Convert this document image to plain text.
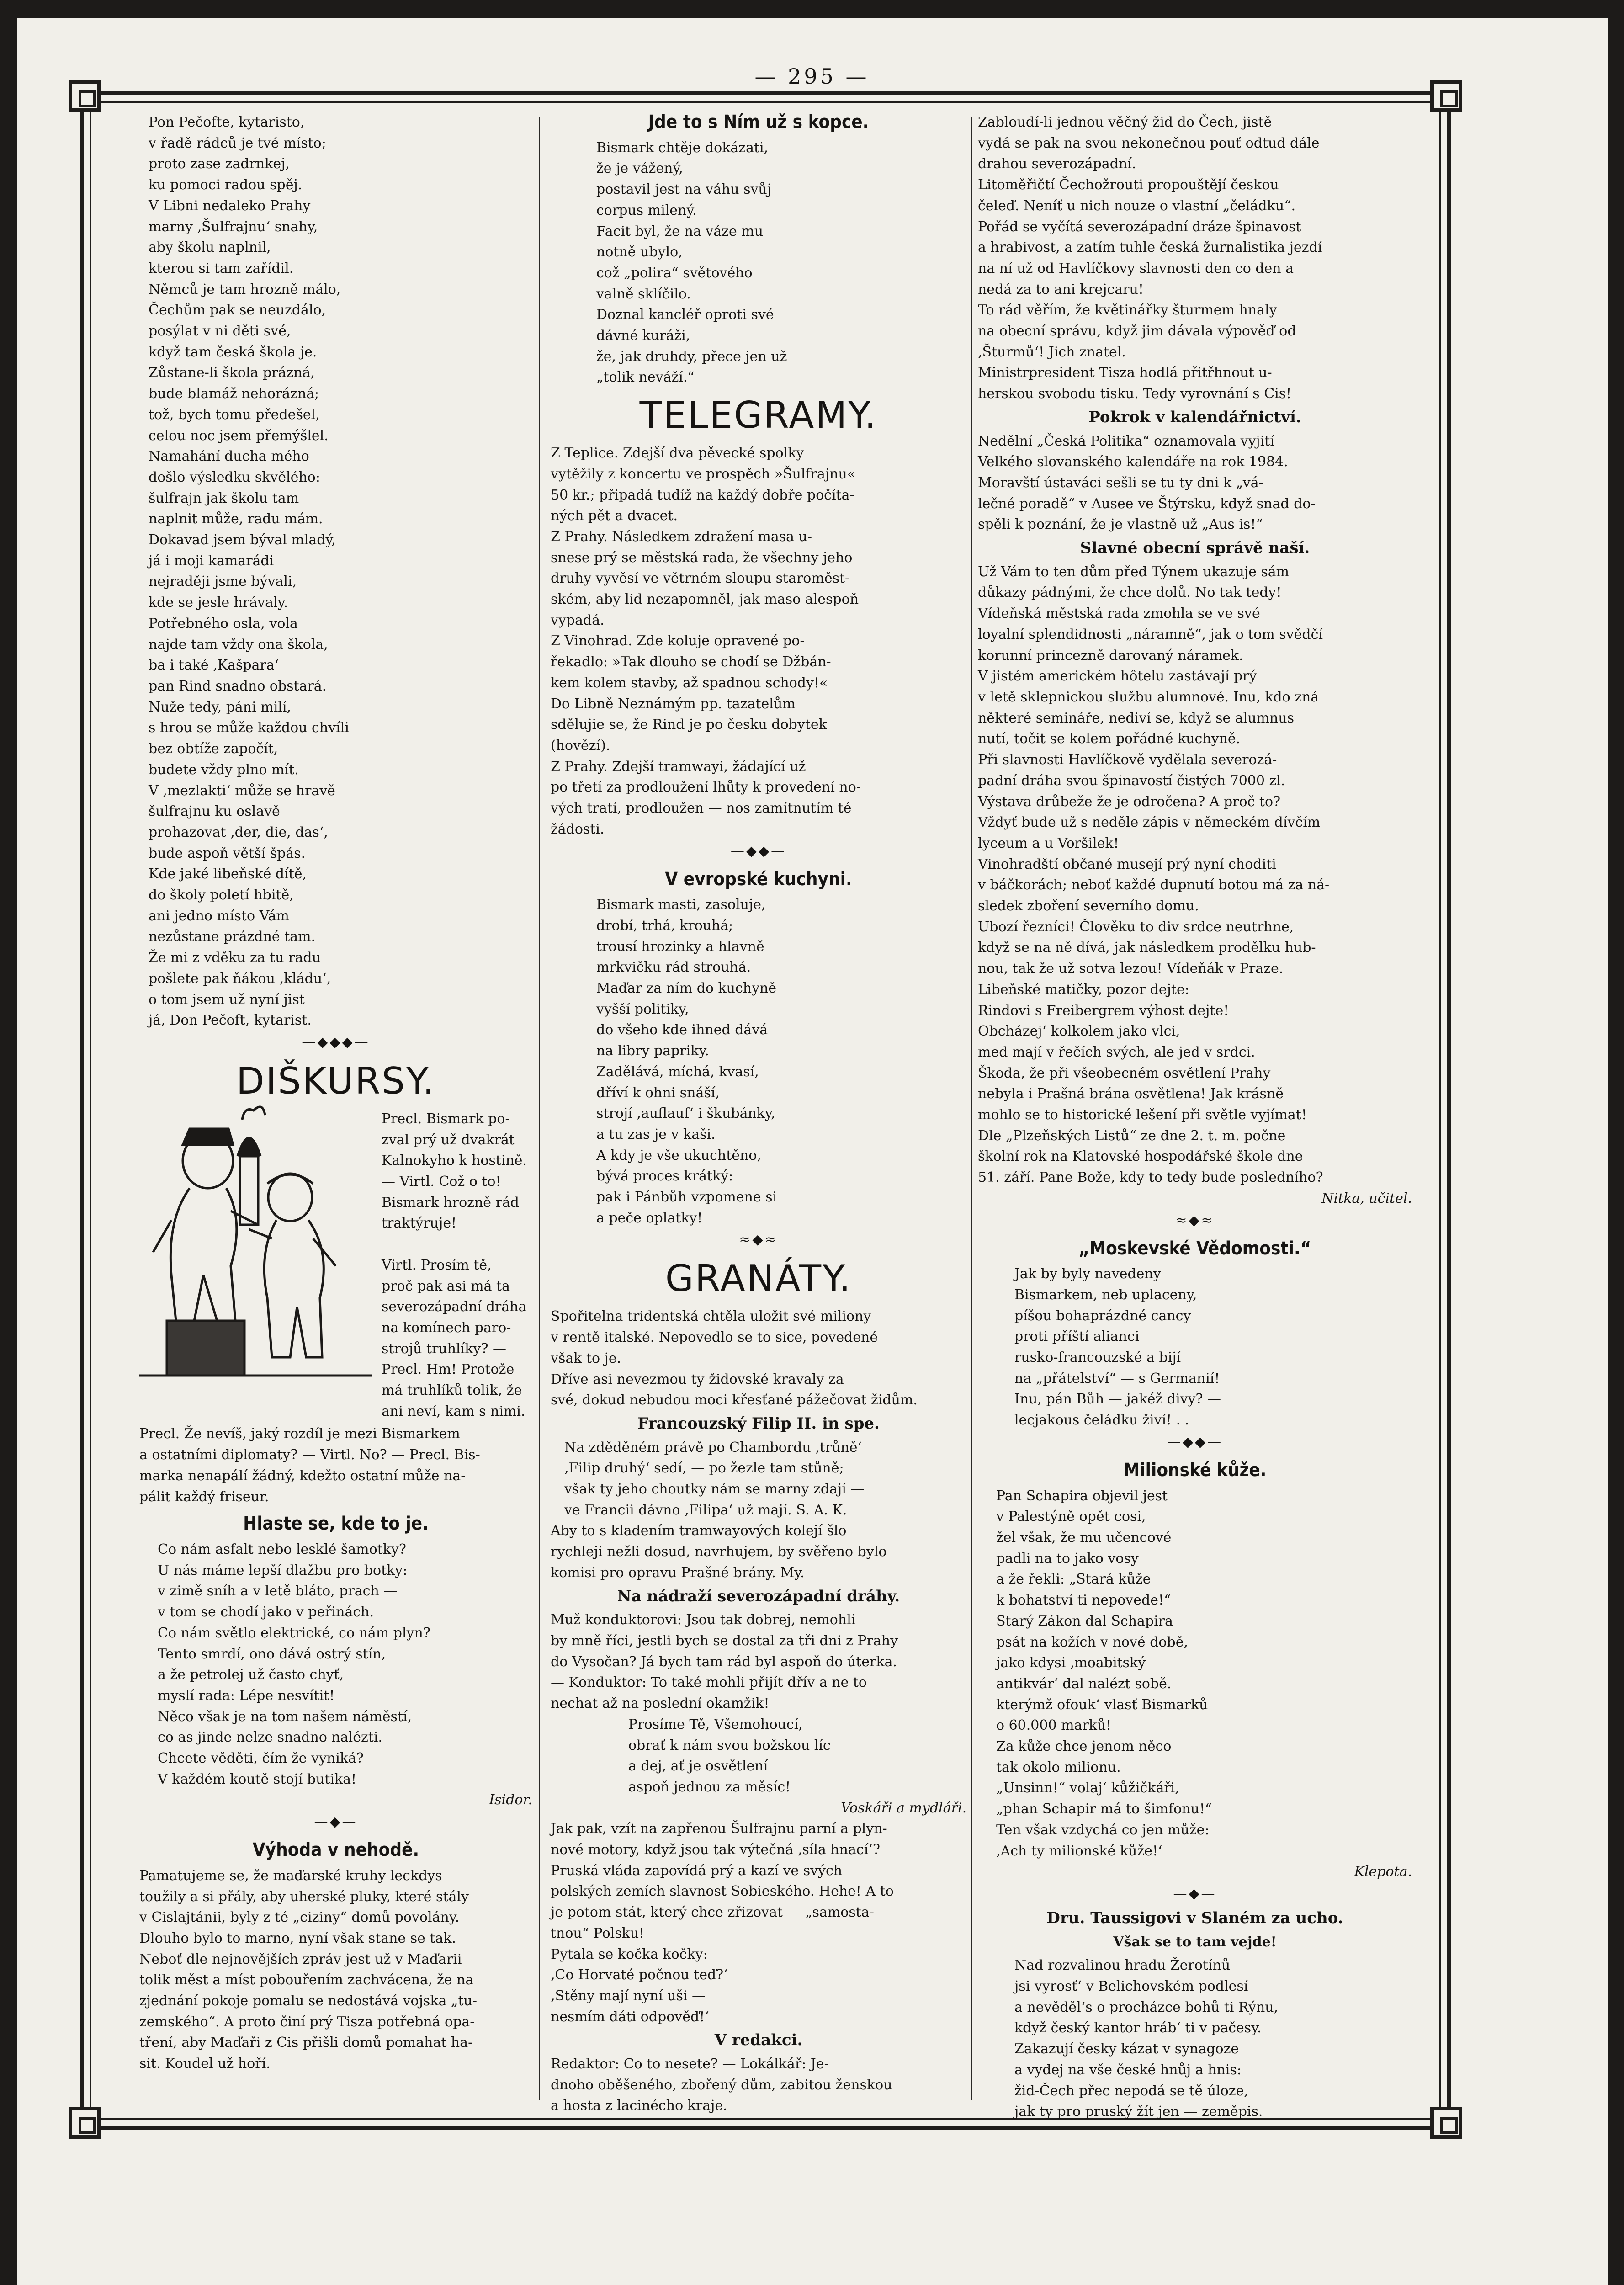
— 295 —

Pon Pečofte, kytaristo,

v řadě rádců je tvé místo;

proto zase zadrnkej,

ku pomoci radou spěj.

V Libni nedaleko Prahy

marny ‚Šulfrajnu‘ snahy,

aby školu naplnil,

kterou si tam zařídil.

Němců je tam hrozně málo,

Čechům pak se neuzdálo,

posýlat v ni děti své,

když tam česká škola je.

Zůstane-li škola prázná,

bude blamáž nehorázná;

tož, bych tomu předešel,

celou noc jsem přemýšlel.

Namahání ducha mého

došlo výsledku skvělého:

šulfrajn jak školu tam

naplnit může, radu mám.

Dokavad jsem býval mladý,

já i moji kamarádi

nejraději jsme bývali,

kde se jesle hrávaly.

Potřebného osla, vola

najde tam vždy ona škola,

ba i také ‚Kašpara‘

pan Rind snadno obstará.

Nuže tedy, páni milí,

s hrou se může každou chvíli

bez obtíže započít,

budete vždy plno mít.

V ‚mezlakti‘ může se hravě

šulfrajnu ku oslavě

prohazovat ‚der, die, das‘,

bude aspoň větší špás.

Kde jaké libeňské dítě,

do školy poletí hbitě,

ani jedno místo Vám

nezůstane prázdné tam.

Že mi z vděku za tu radu

pošlete pak ňákou ‚kládu‘,

o tom jsem už nyní jist

já, Don Pečoft, kytarist.

—◆◆◆—
DIŠKURSY.

Precl. Bismark po-

zval prý už dvakrát

Kalnokyho k hostině.

— Virtl. Což o to!

Bismark hrozně rád

traktýruje!

Virtl. Prosím tě,

proč pak asi má ta

severozápadní dráha

na komínech paro-

strojů truhlíky? —

Precl. Hm! Protože

má truhlíků tolik, že

ani neví, kam s nimi.

Precl. Že nevíš, jaký rozdíl je mezi Bismarkem

a ostatními diplomaty? — Virtl. No? — Precl. Bis-

marka nenapálí žádný, kdežto ostatní může na-

pálit každý friseur.

Hlaste se, kde to je.

Co nám asfalt nebo lesklé šamotky?

U nás máme lepší dlažbu pro botky:

v zimě sníh a v letě bláto, prach —

v tom se chodí jako v peřinách.

Co nám světlo elektrické, co nám plyn?

Tento smrdí, ono dává ostrý stín,

a že petrolej už často chyť,

myslí rada: Lépe nesvítit!

Něco však je na tom našem náměstí,

co as jinde nelze snadno nalézti.

Chcete věděti, čím že vyniká?

V každém koutě stojí butika!

Isidor.
—◆—
Výhoda v nehodě.

Pamatujeme se, že maďarské kruhy leckdys

toužily a si přály, aby uherské pluky, které stály

v Cislajtánii, byly z té „ciziny“ domů povolány.

Dlouho bylo to marno, nyní však stane se tak.

Neboť dle nejnovějších zpráv jest už v Maďarii

tolik měst a míst pobouřením zachvácena, že na

zjednání pokoje pomalu se nedostává vojska „tu-

zemského“. A proto činí prý Tisza potřebná opa-

tření, aby Maďaři z Cis přišli domů pomahat ha-

sit. Koudel už hoří.

Jde to s Ním už s kopce.

Bismark chtěje dokázati,

že je vážený,

postavil jest na váhu svůj

corpus milený.

Facit byl, že na váze mu

notně ubylo,

což „polira“ světového

valně sklíčilo.

Doznal kancléř oproti své

dávné kuráži,

že, jak druhdy, přece jen už

„tolik neváží.“

TELEGRAMY.

Z Teplice. Zdejší dva pěvecké spolky

vytěžily z koncertu ve prospěch »Šulfrajnu«

50 kr.; připadá tudíž na každý dobře počíta-

ných pět a dvacet.

Z Prahy. Následkem zdražení masa u-

snese prý se městská rada, že všechny jeho

druhy vyvěsí ve větrném sloupu staroměst-

ském, aby lid nezapomněl, jak maso alespoň

vypadá.

Z Vinohrad. Zde koluje opravené po-

řekadlo: »Tak dlouho se chodí se Džbán-

kem kolem stavby, až spadnou schody!«

Do Libně Neznámým pp. tazatelům

sdělujie se, že Rind je po česku dobytek

(hovězí).

Z Prahy. Zdejší tramwayi, žádající už

po třetí za prodloužení lhůty k provedení no-

vých tratí, prodloužen — nos zamítnutím té

žádosti.

—◆◆—
V evropské kuchyni.

Bismark masti, zasoluje,

drobí, trhá, krouhá;

trousí hrozinky a hlavně

mrkvičku rád strouhá.

Maďar za ním do kuchyně

vyšší politiky,

do všeho kde ihned dává

na libry papriky.

Zadělává, míchá, kvasí,

dříví k ohni snáší,

strojí ‚auflauf‘ i škubánky,

a tu zas je v kaši.

A kdy je vše ukuchtěno,

bývá proces krátký:

pak i Pánbůh vzpomene si

a peče oplatky!

≈◆≈
GRANÁTY.

Spořitelna tridentská chtěla uložit své miliony

v rentě italské. Nepovedlo se to sice, povedené

však to je.

Dříve asi nevezmou ty židovské kravaly za

své, dokud nebudou moci křesťané pážečovat židům.

Francouzský Filip II. in spe.

Na zděděném právě po Chambordu ‚trůně‘

‚Filip druhý‘ sedí, — po žezle tam stůně;

však ty jeho choutky nám se marny zdají —

ve Francii dávno ‚Filipa‘ už mají. S. A. K.

Aby to s kladením tramwayových kolejí šlo

rychleji nežli dosud, navrhujem, by svěřeno bylo

komisi pro opravu Prašné brány. My.

Na nádraží severozápadní dráhy.

Muž konduktorovi: Jsou tak dobrej, nemohli

by mně říci, jestli bych se dostal za tři dni z Prahy

do Vysočan? Já bych tam rád byl aspoň do úterka.

— Konduktor: To také mohli přijít dřív a ne to

nechat až na poslední okamžik!

Prosíme Tě, Všemohoucí,

obrať k nám svou božskou líc

a dej, ať je osvětlení

aspoň jednou za měsíc!

Voskáři a mydláři.

Jak pak, vzít na zapřenou Šulfrajnu parní a plyn-

nové motory, když jsou tak výtečná ‚síla hnací‘?

Pruská vláda zapovídá prý a kazí ve svých

polských zemích slavnost Sobieského. Hehe! A to

je potom stát, který chce zřizovat — „samosta-

tnou“ Polsku!

Pytala se kočka kočky:

‚Co Horvaté počnou teď?‘

‚Stěny mají nyní uši —

nesmím dáti odpověď!‘

V redakci.

Redaktor: Co to nesete? — Lokálkář: Je-

dnoho oběšeného, zbořený dům, zabitou ženskou

a hosta z lacinécho kraje.

Zabloudí-li jednou věčný žid do Čech, jistě

vydá se pak na svou nekonečnou pouť odtud dále

drahou severozápadní.

Litoměřičtí Čechožrouti propouštějí českou

čeleď. Neníť u nich nouze o vlastní „čeládku“.

Pořád se vyčítá severozápadní dráze špinavost

a hrabivost, a zatím tuhle česká žurnalistika jezdí

na ní už od Havlíčkovy slavnosti den co den a

nedá za to ani krejcaru!

To rád věřím, že květinářky šturmem hnaly

na obecní správu, když jim dávala výpověď od

‚Šturmů‘! Jich znatel.

Ministrpresident Tisza hodlá přitřhnout u-

herskou svobodu tisku. Tedy vyrovnání s Cis!

Pokrok v kalendářnictví.

Nedělní „Česká Politika“ oznamovala vyjití

Velkého slovanského kalendáře na rok 1984.

Moravští ústaváci sešli se tu ty dni k „vá-

lečné poradě“ v Ausee ve Štýrsku, když snad do-

spěli k poznání, že je vlastně už „Aus is!“

Slavné obecní správě naší.

Už Vám to ten dům před Týnem ukazuje sám

důkazy pádnými, že chce dolů. No tak tedy!

Vídeňská městská rada zmohla se ve své

loyalní splendidnosti „náramně“, jak o tom svědčí

korunní princezně darovaný náramek.

V jistém americkém hôtelu zastávají prý

v letě sklepnickou službu alumnové. Inu, kdo zná

některé semináře, nediví se, když se alumnus

nutí, točit se kolem pořádné kuchyně.

Při slavnosti Havlíčkově vydělala severozá-

padní dráha svou špinavostí čistých 7000 zl.

Výstava drůbeže že je odročena? A proč to?

Vždyť bude už s neděle zápis v německém dívčím

lyceum a u Voršilek!

Vinohradští občané musejí prý nyní choditi

v báčkorách; neboť každé dupnutí botou má za ná-

sledek zboření severního domu.

Ubozí řezníci! Člověku to div srdce neutrhne,

když se na ně dívá, jak následkem prodělku hub-

nou, tak že už sotva lezou! Vídeňák v Praze.

Libeňské matičky, pozor dejte:

Rindovi s Freibergrem výhost dejte!

Obcházej‘ kolkolem jako vlci,

med mají v řečích svých, ale jed v srdci.

Škoda, že při všeobecném osvětlení Prahy

nebyla i Prašná brána osvětlena! Jak krásně

mohlo se to historické lešení při světle vyjímat!

Dle „Plzeňských Listů“ ze dne 2. t. m. počne

školní rok na Klatovské hospodářské škole dne

51. září. Pane Bože, kdy to tedy bude posledního?

Nitka, učitel.
≈◆≈
„Moskevské Vědomosti.“

Jak by byly navedeny

Bismarkem, neb uplaceny,

píšou bohaprázdné cancy

proti příští alianci

rusko-francouzské a bijí

na „přátelství“ — s Germanií!

Inu, pán Bůh — jakéž divy? —

lecjakous čeládku živí! . .

—◆◆—
Milionské kůže.

Pan Schapira objevil jest

v Palestýně opět cosi,

žel však, že mu učencové

padli na to jako vosy

a že řekli: „Stará kůže

k bohatství ti nepovede!“

Starý Zákon dal Schapira

psát na kožích v nové době,

jako kdysi ‚moabitský

antikvár‘ dal nalézt sobě.

kterýmž ofouk‘ vlasť Bismarků

o 60.000 marků!

Za kůže chce jenom něco

tak okolo milionu.

„Unsinn!“ volaj‘ kůžičkáři,

„phan Schapir má to šimfonu!“

Ten však vzdychá co jen může:

‚Ach ty milionské kůže!‘

Klepota.
—◆—
Dru. Taussigovi v Slaném za ucho.
Však se to tam vejde!

Nad rozvalinou hradu Žerotínů

jsi vyrosť‘ v Belichovském podlesí

a nevěděl‘s o procházce bohů ti Rýnu,

když český kantor hráb‘ ti v pačesy.

Zakazují česky kázat v synagoze

a vydej na vše české hnůj a hnis:

žid-Čech přec nepodá se tě úloze,

jak ty pro pruský žít jen — zeměpis.
